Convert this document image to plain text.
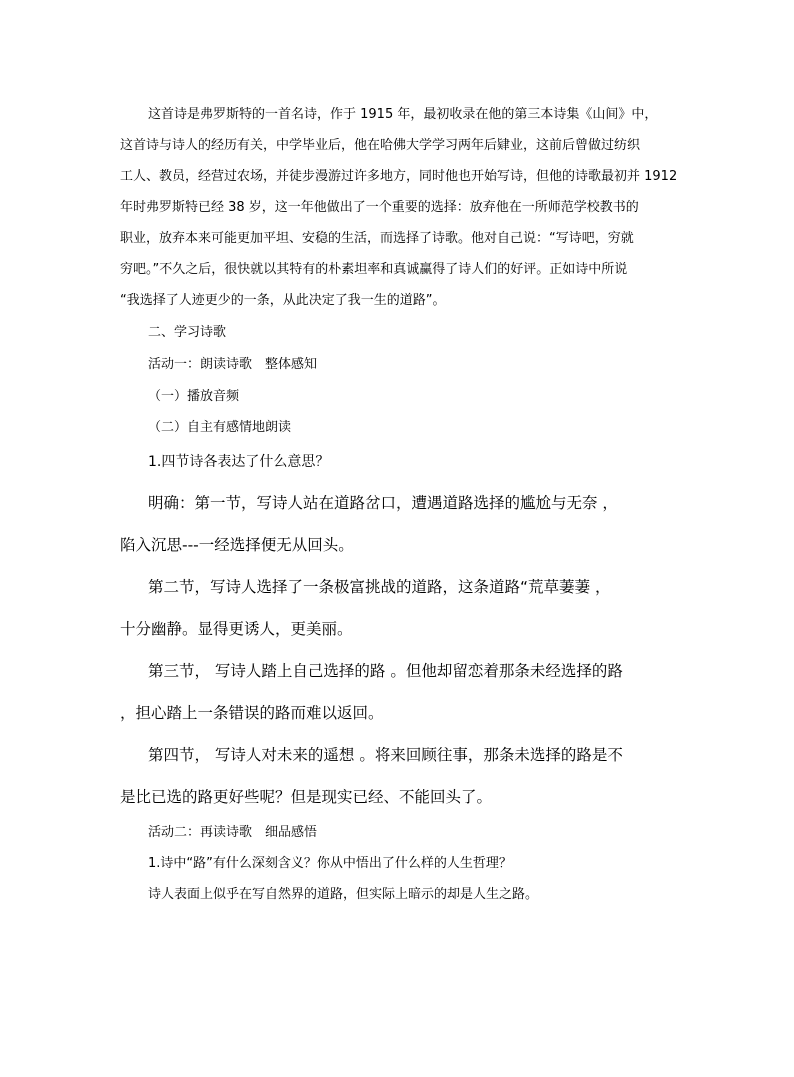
这首诗是弗罗斯特的一首名诗，作于 1915 年，最初收录在他的第三本诗集《山间》中，
这首诗与诗人的经历有关，中学毕业后，他在哈佛大学学习两年后肄业，这前后曾做过纺织
工人、教员，经营过农场，并徒步漫游过许多地方，同时他也开始写诗，但他的诗歌最初并 1912
年时弗罗斯特已经 38 岁，这一年他做出了一个重要的选择：放弃他在一所师范学校教书的
职业，放弃本来可能更加平坦、安稳的生活，而选择了诗歌。他对自己说：“写诗吧，穷就
穷吧。”不久之后，很快就以其特有的朴素坦率和真诚赢得了诗人们的好评。正如诗中所说
“我选择了人迹更少的一条，从此决定了我一生的道路”。
二、学习诗歌
活动一：朗读诗歌　整体感知
（一）播放音频
（二）自主有感情地朗读
1.四节诗各表达了什么意思？
明确：第一节，写诗人站在道路岔口，遭遇道路选择的尴尬与无奈 ，
陷入沉思---一经选择便无从回头。
第二节，写诗人选择了一条极富挑战的道路，这条道路“荒草萋萋 ，
十分幽静。显得更诱人，更美丽。
第三节， 写诗人踏上自己选择的路 。但他却留恋着那条未经选择的路
，担心踏上一条错误的路而难以返回。
第四节， 写诗人对未来的遥想 。将来回顾往事，那条未选择的路是不
是比已选的路更好些呢？但是现实已经、不能回头了。
活动二：再读诗歌　细品感悟
1.诗中“路”有什么深刻含义？你从中悟出了什么样的人生哲理？
诗人表面上似乎在写自然界的道路，但实际上暗示的却是人生之路。
